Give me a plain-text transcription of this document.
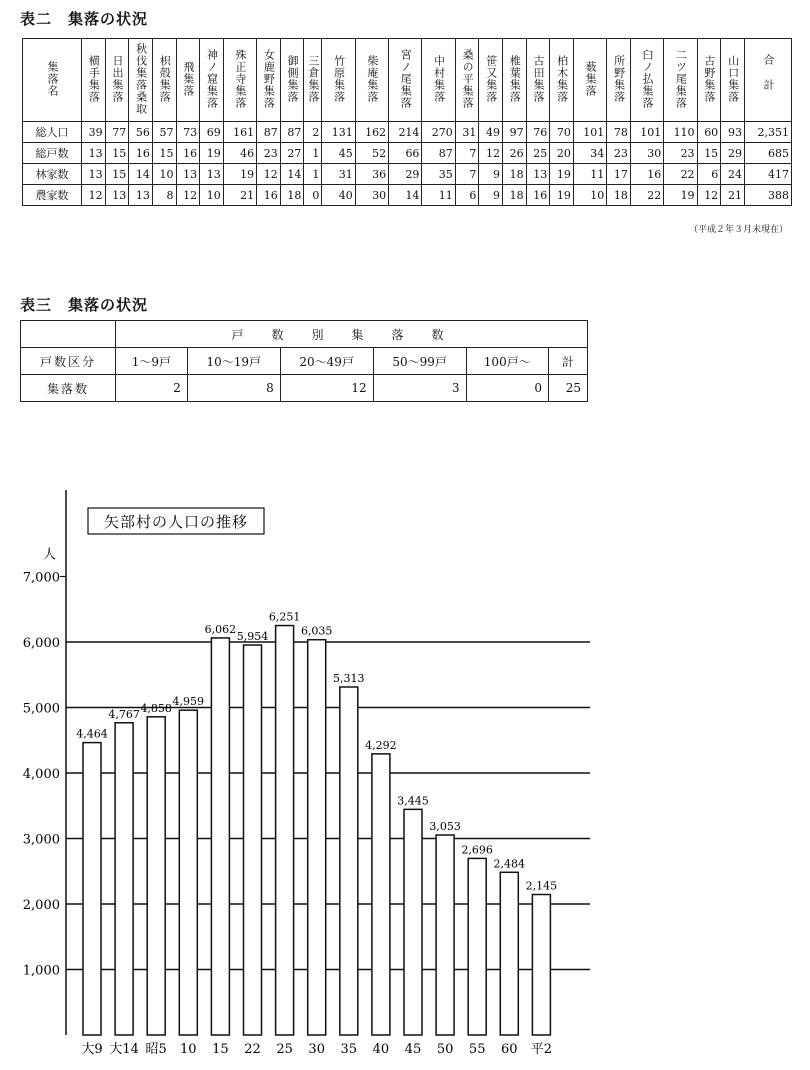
表二　集落の状況
集落名	横手集落	日出集落	秋伐集落桑取	枳殻集落	飛集落	神ノ窟集落	殊正寺集落	女鹿野集落	御側集落	三倉集落	竹原集落	柴庵集落	宮ノ尾集落	中村集落	桑の平集落	笹又集落	椎葉集落	古田集落	柏木集落	薮集落	所野集落	臼ノ払集落	二ツ尾集落	古野集落	山口集落	合計
総人口	39	77	56	57	73	69	161	87	87	2	131	162	214	270	31	49	97	76	70	101	78	101	110	60	93	2,351
総戸数	13	15	16	15	16	19	46	23	27	1	45	52	66	87	7	12	26	25	20	34	23	30	23	15	29	685
林家数	13	15	14	10	13	13	19	12	14	1	31	36	29	35	7	9	18	13	19	11	17	16	22	6	24	417
農家数	12	13	13	8	12	10	21	16	18	0	40	30	14	11	6	9	18	16	19	10	18	22	19	12	21	388
（平成２年３月末現在）
表三　集落の状況
	戸数別集落数					
戸数区分	1～9戸	10～19戸	20～49戸	50～99戸	100戸～	計
集落数	2	8	12	3	0	25
1,000
2,000
3,000
4,000
5,000
6,000
7,000
人
矢部村の人口の推移
4,464
大9
4,767
大14
4,858
昭5
4,959
10
6,062
15
5,954
22
6,251
25
6,035
30
5,313
35
4,292
40
3,445
45
3,053
50
2,696
55
2,484
60
2,145
平2
